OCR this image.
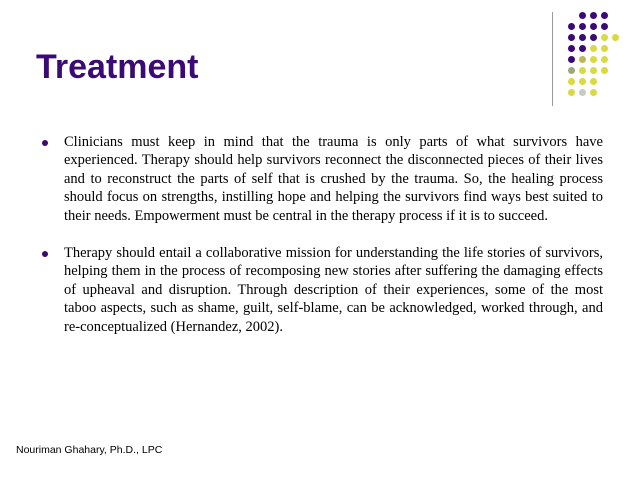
Treatment
Clinicians must keep in mind that the trauma is only parts of what survivors have experienced. Therapy should help survivors reconnect the disconnected pieces of their lives and to reconstruct the parts of self that is crushed by the trauma. So, the healing process should focus on strengths, instilling hope and helping the survivors find ways best suited to their needs. Empowerment must be central in the therapy process if it is to succeed.
Therapy should entail a collaborative mission for understanding the life stories of survivors, helping them in the process of recomposing new stories after suffering the damaging effects of upheaval and disruption. Through description of their experiences, some of the most taboo aspects, such as shame, guilt, self-blame, can be acknowledged, worked through, and re-conceptualized (Hernandez, 2002).
Nouriman Ghahary, Ph.D., LPC
